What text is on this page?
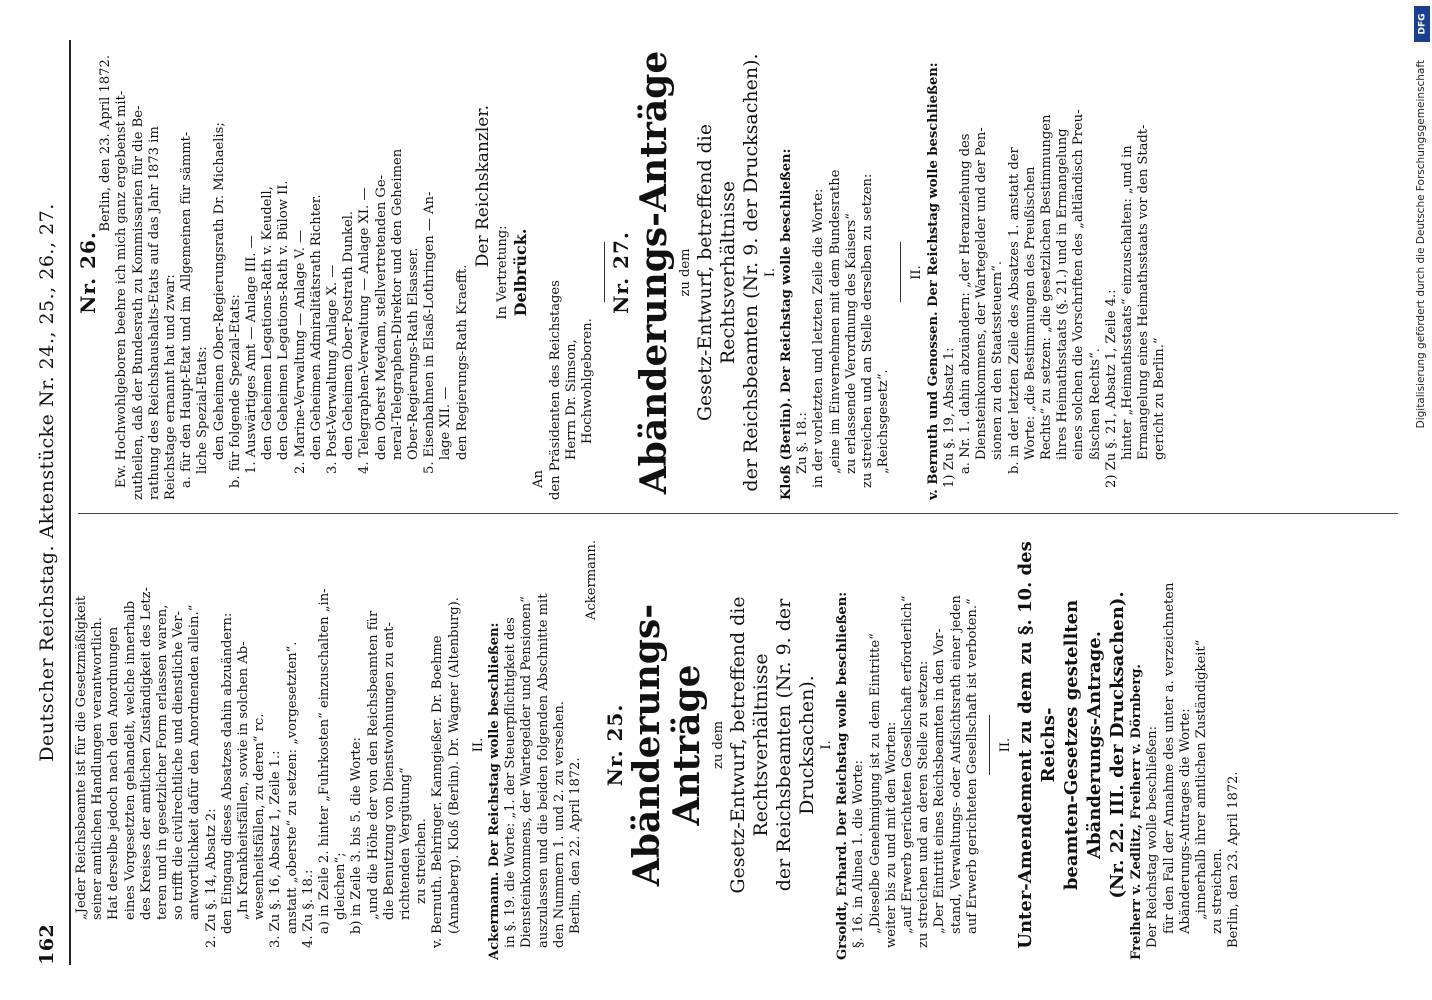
162
Deutscher Reichstag. Aktenstücke Nr. 24., 25., 26., 27. „Jeder Reichsbeamte ist für die Gesetzmäßigkeit seiner amtlichen Handlungen verantwortlich. Hat derselbe jedoch nach den Anordnungen eines Vorgesetzten gehandelt, welche innerhalb des Kreises der amtlichen Zuständigkeit des Letz- teren und in gesetzlicher Form erlassen waren, so trifft die civilrechtliche und dienstliche Ver- antwortlichkeit dafür den Anordnenden allein.“ 2. Zu §. 14, Absatz 2: den Eingang dieses Absatzes dahin abzuändern: „In Krankheitsfällen, sowie in solchen Ab- wesenheitsfällen, zu deren“ rc. 3. Zu §. 16, Absatz 1, Zeile 1.: anstatt „oberste“ zu setzen: „vorgesetzten“. 4. Zu §. 18.: a) in Zeile 2. hinter „Fuhrkosten“ einzuschalten „in- gleichen“; b) in Zeile 3. bis 5. die Worte: „und die Höhe der von den Reichsbeamten für die Benutzung von Dienstwohnungen zu ent- richtenden Vergütung“ zu streichen. v. Bernuth. Behringer. Kanngießer. Dr. Boehme (Annaberg). Kloß (Berlin). Dr. Wagner (Altenburg). II. Ackermann. Der Reichstag wolle beschließen: in §. 19. die Worte: „1. der Steuerpflichtigkeit des Diensteinkommens, der Wartegelder und Pensionen“ auszulassen und die beiden folgenden Abschnitte mit den Nummern 1. und 2. zu versehen. Berlin, den 22. April 1872.
Ackermann.
Nr. 25. Abänderungs-Anträge zu dem Gesetz-Entwurf, betreffend die Rechtsverhältnisse der Reichsbeamten (Nr. 9. der Drucksachen). I. Grsoldt, Erhard. Der Reichstag wolle beschließen: §. 16. in Alinea 1. die Worte: „Dieselbe Genehmigung ist zu dem Eintritte“ weiter bis zu und mit den Worten: „auf Erwerb gerichteten Gesellschaft erforderlich“ zu streichen und an deren Stelle zu setzen: „Der Eintritt eines Reichsbeamten in den Vor- stand, Verwaltungs- oder Aufsichtsrath einer jeden auf Erwerb gerichteten Gesellschaft ist verboten.“ II. Unter-Amendement zu dem zu §. 10. des Reichs- beamten-Gesetzes gestellten Abänderungs-Antrage. (Nr. 22. III. der Drucksachen). Freiherr v. Zedlitz, Freiherr v. Dörnberg. Der Reichstag wolle beschließen: für den Fall der Annahme des unter a. verzeichneten Abänderungs-Antrages die Worte: „innerhalb ihrer amtlichen Zuständigkeit“ zu streichen. Berlin, den 23. April 1872.
Nr. 26.
Berlin, den 23. April 1872. Ew. Hochwohlgeboren beehre ich mich ganz ergebenst mit- zutheilen, daß der Bundesrath zu Kommissarien für die Be- rathung des Reichshaushalts-Etats auf das Jahr 1873 im Reichstage ernannt hat und zwar: a. für den Haupt-Etat und im Allgemeinen für sämmt- liche Spezial-Etats: den Geheimen Ober-Regierungsrath Dr. Michaelis; b. für folgende Spezial-Etats: 1. Auswärtiges Amt — Anlage III. — den Geheimen Legations-Rath v. Keudell, den Geheimen Legations-Rath v. Bülow II. 2. Marine-Verwaltung — Anlage V. — den Geheimen Admiralitätsrath Richter. 3. Post-Verwaltung Anlage X. — den Geheimen Ober-Postrath Dunkel. 4. Telegraphen-Verwaltung — Anlage XI. — den Oberst Meydam, stellvertretenden Ge- neral-Telegraphen-Direktor und den Geheimen Ober-Regierungs-Rath Elsasser. 5. Eisenbahnen in Elsaß-Lothringen — An- lage XII. — den Regierungs-Rath Kraefft.
Der Reichskanzler.
In Vertretung: Delbrück.
An den Präsidenten des Reichstages Herrn Dr. Simson, Hochwohlgeboren.
Nr. 27. Abänderungs-Anträge zu dem Gesetz-Entwurf, betreffend die Rechtsverhältnisse der Reichsbeamten (Nr. 9. der Drucksachen). I. Kloß (Berlin). Der Reichstag wolle beschließen: Zu §. 18.: in der vorletzten und letzten Zeile die Worte: „eine im Einvernehmen mit dem Bundesrathe zu erlassende Verordnung des Kaisers“ zu streichen und an Stelle derselben zu setzen: „Reichsgesetz“.
II. v. Bernuth und Genossen. Der Reichstag wolle beschließen: 1) Zu §. 19, Absatz 1: a. Nr. 1. dahin abzuändern: „der Heranziehung des Diensteinkommens, der Wartegelder und der Pen- sionen zu den Staatssteuern“. b. in der letzten Zeile des Absatzes 1. anstatt der Worte: „die Bestimmungen des Preußischen Rechts“ zu setzen: „die gesetzlichen Bestimmungen ihres Heimathsstaats (§. 21.) und in Ermangelung eines solchen die Vorschriften des „altländisch Preu- ßischen Rechts“. 2) Zu §. 21, Absatz 1, Zeile 4.: hinter „Heimathsstaats“ einzuschalten: „und in Ermangelung eines Heimathsstaats vor den Stadt- gericht zu Berlin.“	Digitalisierung gefördert durch die Deutsche Forschungsgemeinschaft
DFG
